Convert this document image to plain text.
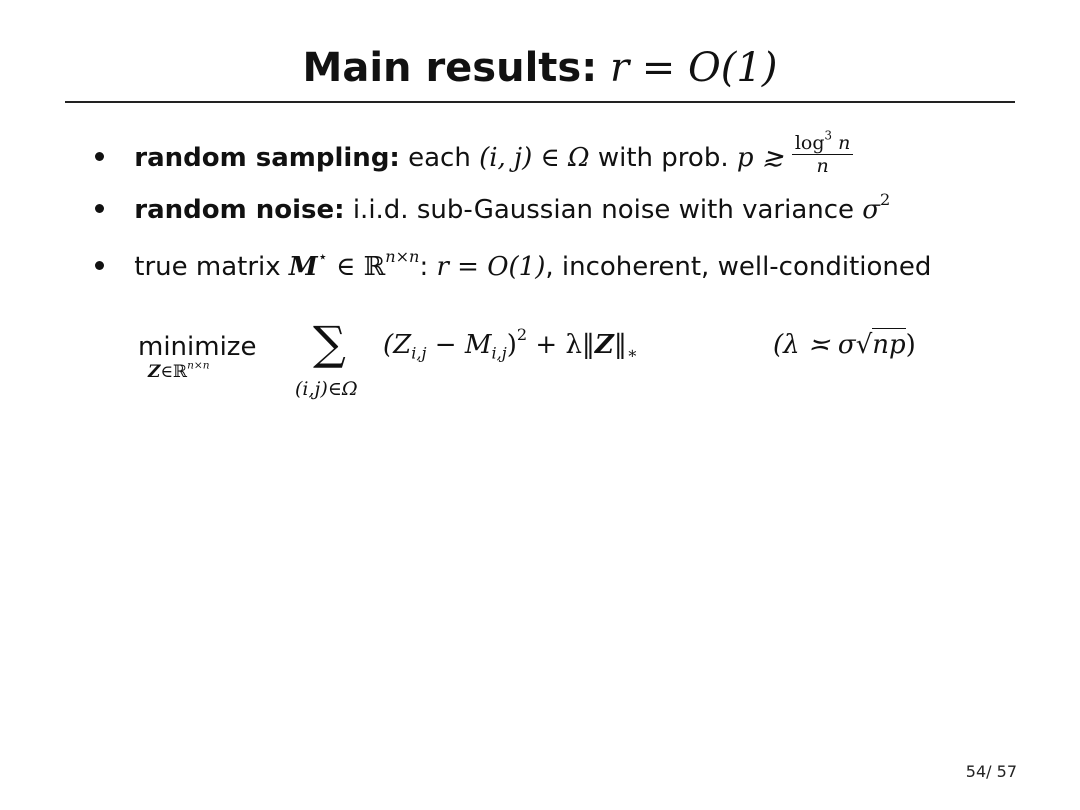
Main results: r = O(1)
random sampling: each (i, j) ∈ Ω with prob. p ≳ $\frac{\log^3 n}{n}$
random noise: i.i.d. sub-Gaussian noise with variance $\sigma^2$
true matrix M⋆ ∈ ℝ$^{n\times n}$: r = O(1), incoherent, well-conditioned
minimize
Z∈ℝ$^{n\times n}$ ∑
(i,j)∈Ω
$(Z_{i,j} - M_{i,j})^2$ + $\lambda‖Z‖_∗$	(λ ≍ σ√np)
54/ 57
